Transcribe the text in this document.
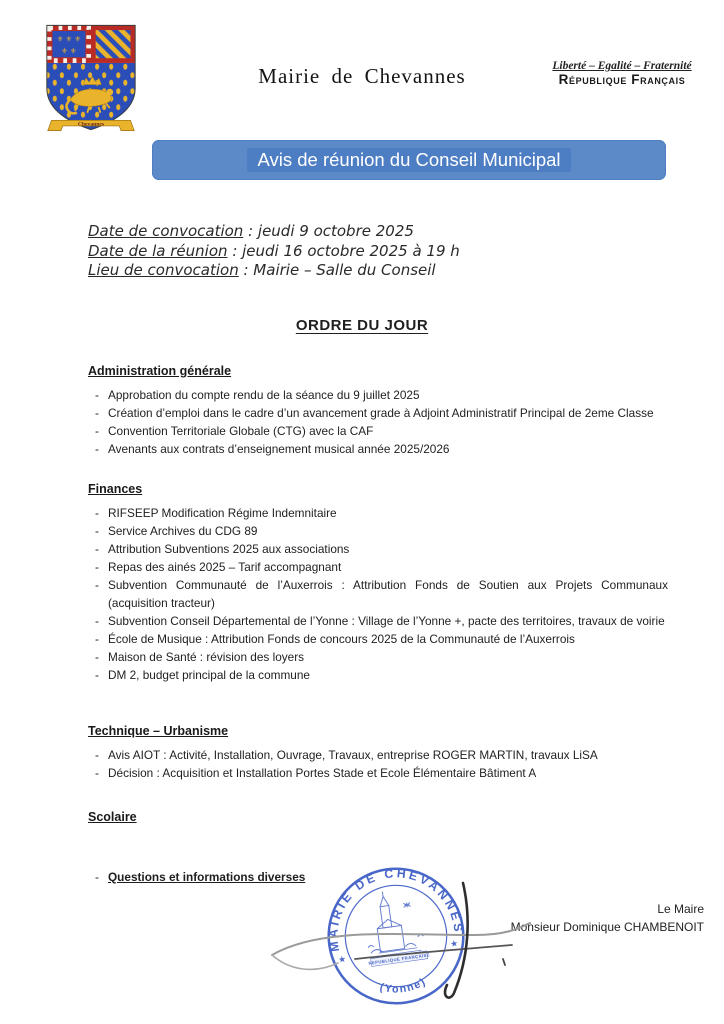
⚜ ⚜ ⚜
⚜ ⚜
Chevannes
Mairie de Chevannes	Liberté – Egalité – Fraternité
République Français
Avis de réunion du Conseil Municipal
Date de convocation : jeudi 9 octobre 2025
Date de la réunion : jeudi 16 octobre 2025 à 19 h
Lieu de convocation : Mairie – Salle du Conseil
ORDRE DU JOUR
Administration générale
- Approbation du compte rendu de la séance du 9 juillet 2025
- Création d’emploi dans le cadre d’un avancement grade à Adjoint Administratif Principal de 2eme Classe
- Convention Territoriale Globale (CTG) avec la CAF
- Avenants aux contrats d’enseignement musical année 2025/2026
Finances
- RIFSEEP Modification Régime Indemnitaire
- Service Archives du CDG 89
- Attribution Subventions 2025 aux associations
- Repas des ainés 2025 – Tarif accompagnant
- Subvention Communauté de l’Auxerrois : Attribution Fonds de Soutien aux Projets Communaux (acquisition tracteur)
- Subvention Conseil Départemental de l’Yonne : Village de l’Yonne +, pacte des territoires, travaux de voirie
- École de Musique : Attribution Fonds de concours 2025 de la Communauté de l’Auxerrois
- Maison de Santé : révision des loyers
- DM 2, budget principal de la commune
Technique – Urbanisme
- Avis AIOT : Activité, Installation, Ouvrage, Travaux, entreprise ROGER MARTIN, travaux LiSA
- Décision : Acquisition et Installation Portes Stade et Ecole Élémentaire Bâtiment A
Scolaire
- Questions et informations diverses
Le Maire
Monsieur Dominique CHAMBENOIT
MAIRIE DE CHEVANNES
(Yonne)
★
★
REPUBLIQUE FRANÇAISE
